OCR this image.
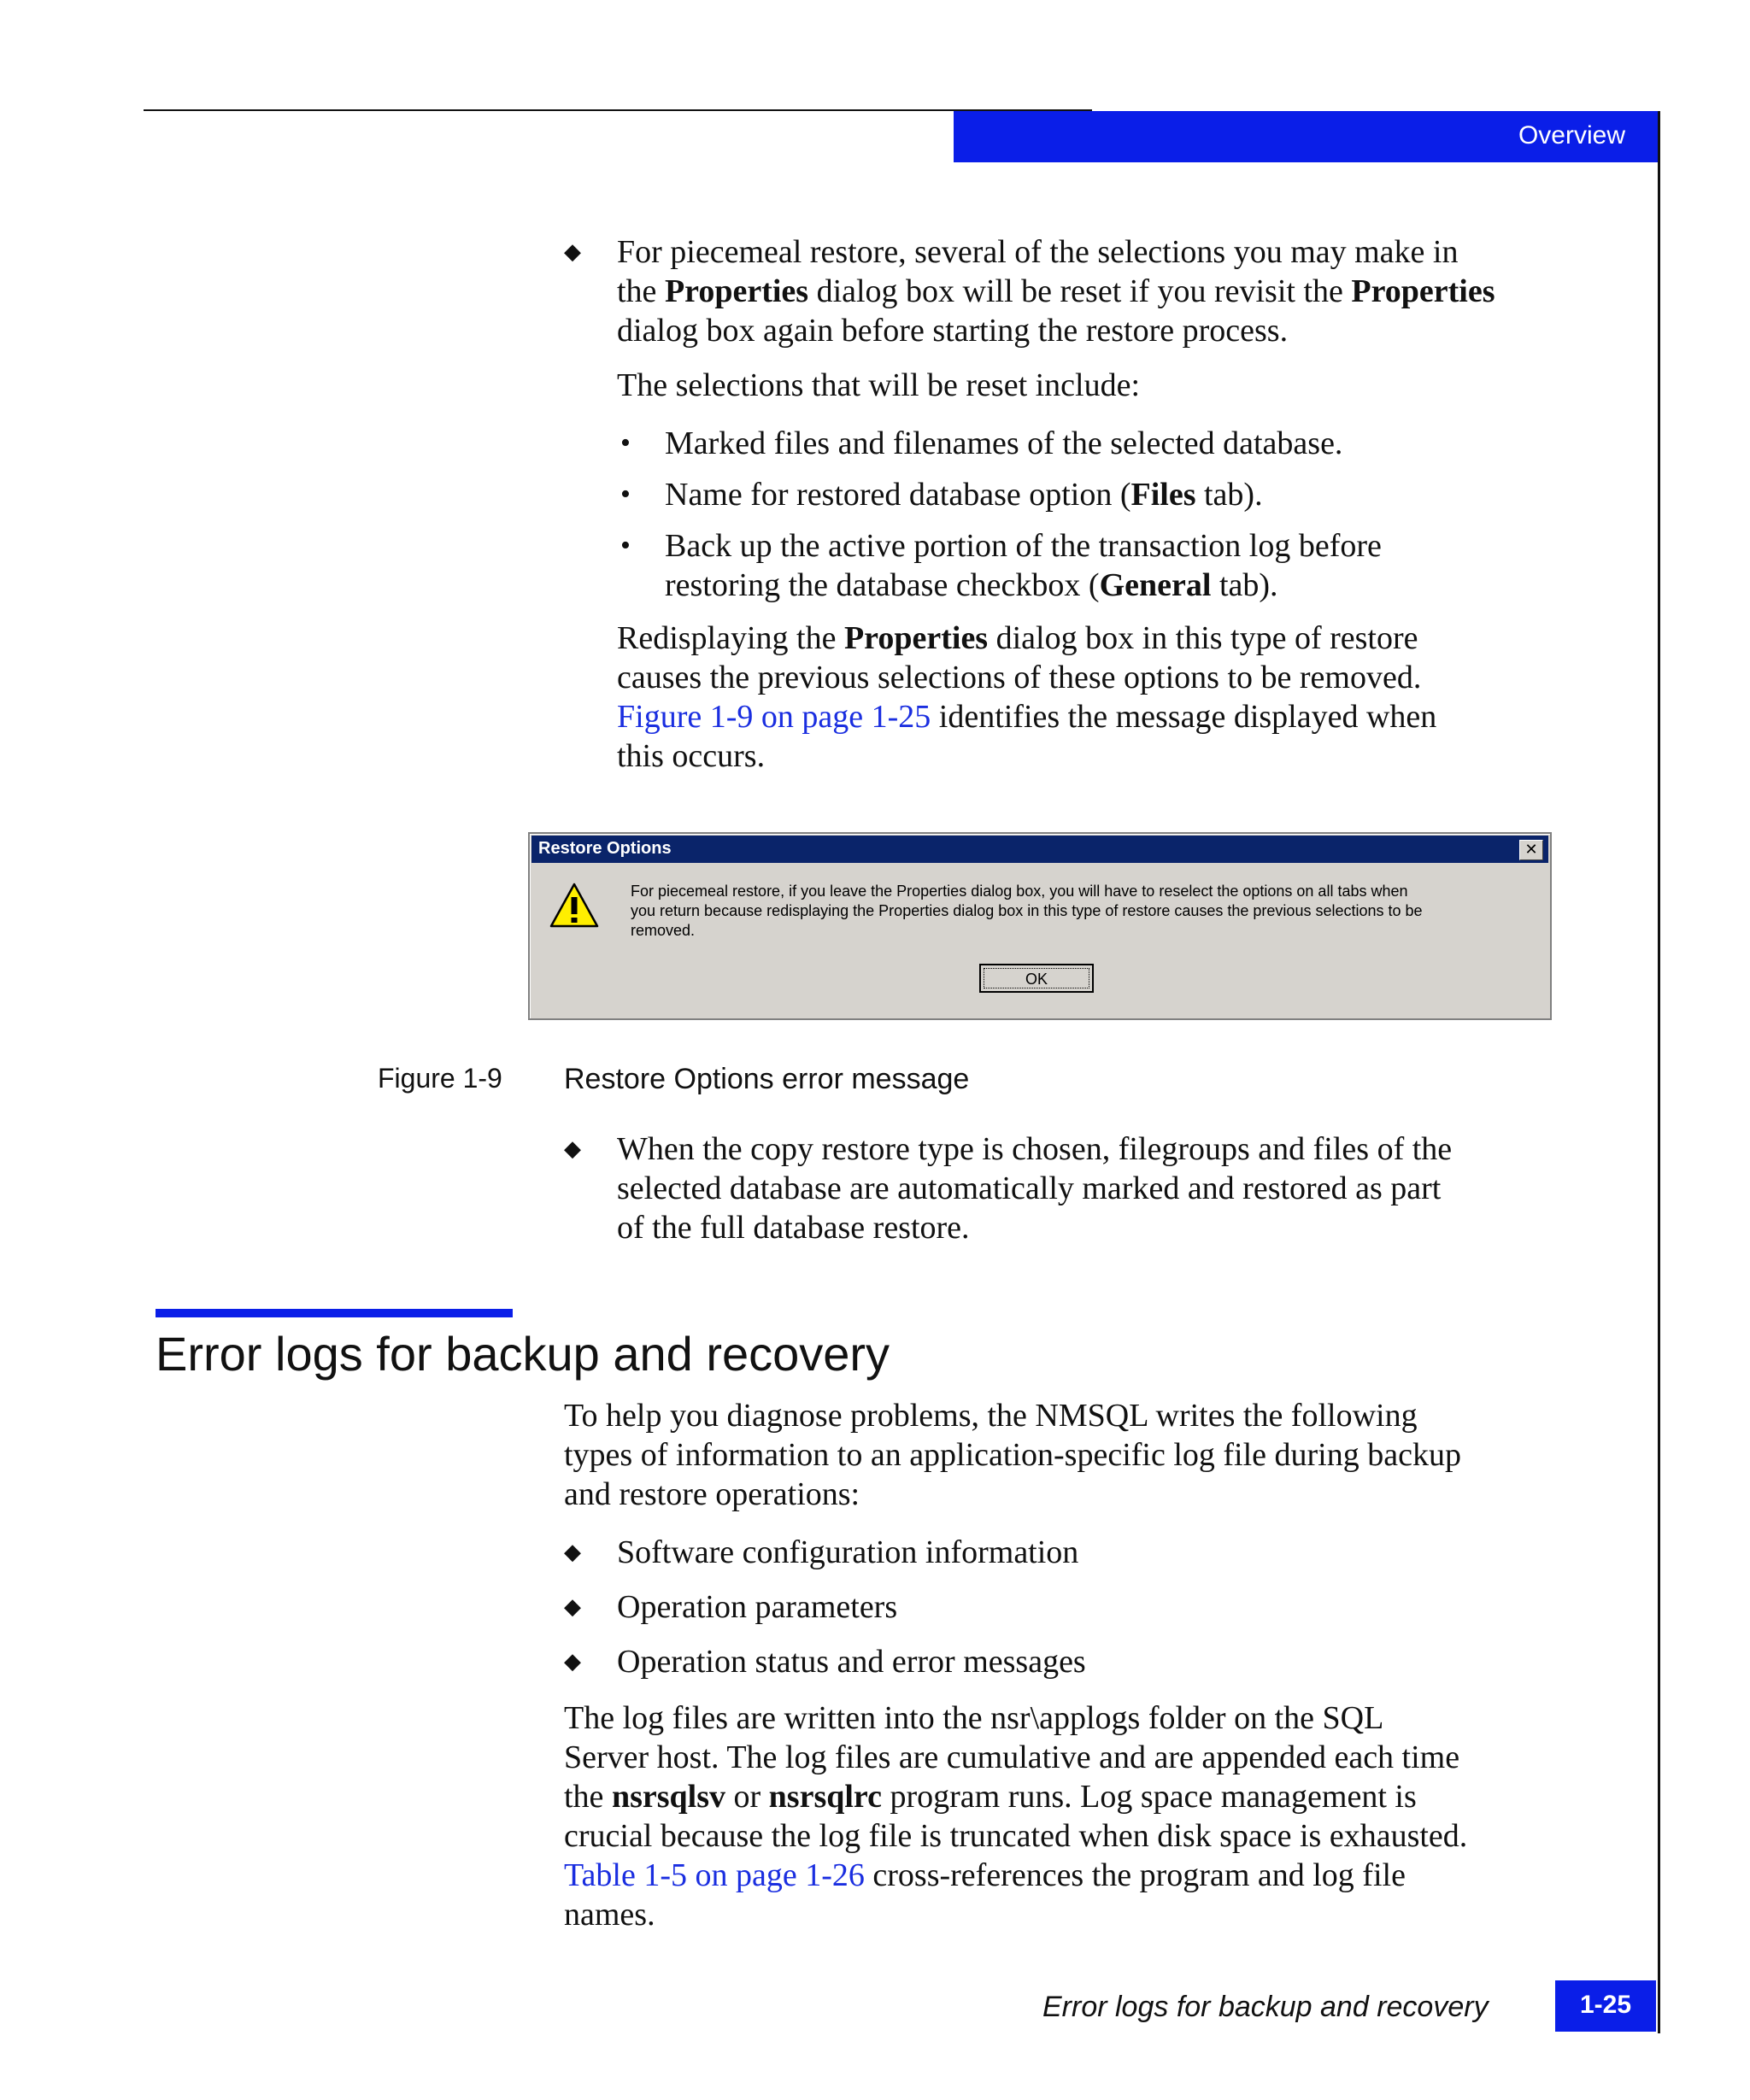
Overview
◆ For piecemeal restore, several of the selections you may make in
the Properties dialog box will be reset if you revisit the Properties
dialog box again before starting the restore process.
The selections that will be reset include:
• Marked files and filenames of the selected database.
• Name for restored database option (Files tab).
• Back up the active portion of the transaction log before
restoring the database checkbox (General tab).
Redisplaying the Properties dialog box in this type of restore
causes the previous selections of these options to be removed.
Figure 1-9 on page 1-25 identifies the message displayed when
this occurs.
Restore Options	✕
For piecemeal restore, if you leave the Properties dialog box, you will have to reselect the options on all tabs when
you return because redisplaying the Properties dialog box in this type of restore causes the previous selections to be
removed.
OK
Figure 1-9 Restore Options error message
◆ When the copy restore type is chosen, filegroups and files of the
selected database are automatically marked and restored as part
of the full database restore.
Error logs for backup and recovery
To help you diagnose problems, the NMSQL writes the following
types of information to an application-specific log file during backup
and restore operations:
◆ Software configuration information
◆ Operation parameters
◆ Operation status and error messages
The log files are written into the nsr\applogs folder on the SQL
Server host. The log files are cumulative and are appended each time
the nsrsqlsv or nsrsqlrc program runs. Log space management is
crucial because the log file is truncated when disk space is exhausted.
Table 1-5 on page 1-26 cross-references the program and log file
names.
Error logs for backup and recovery	1-25
